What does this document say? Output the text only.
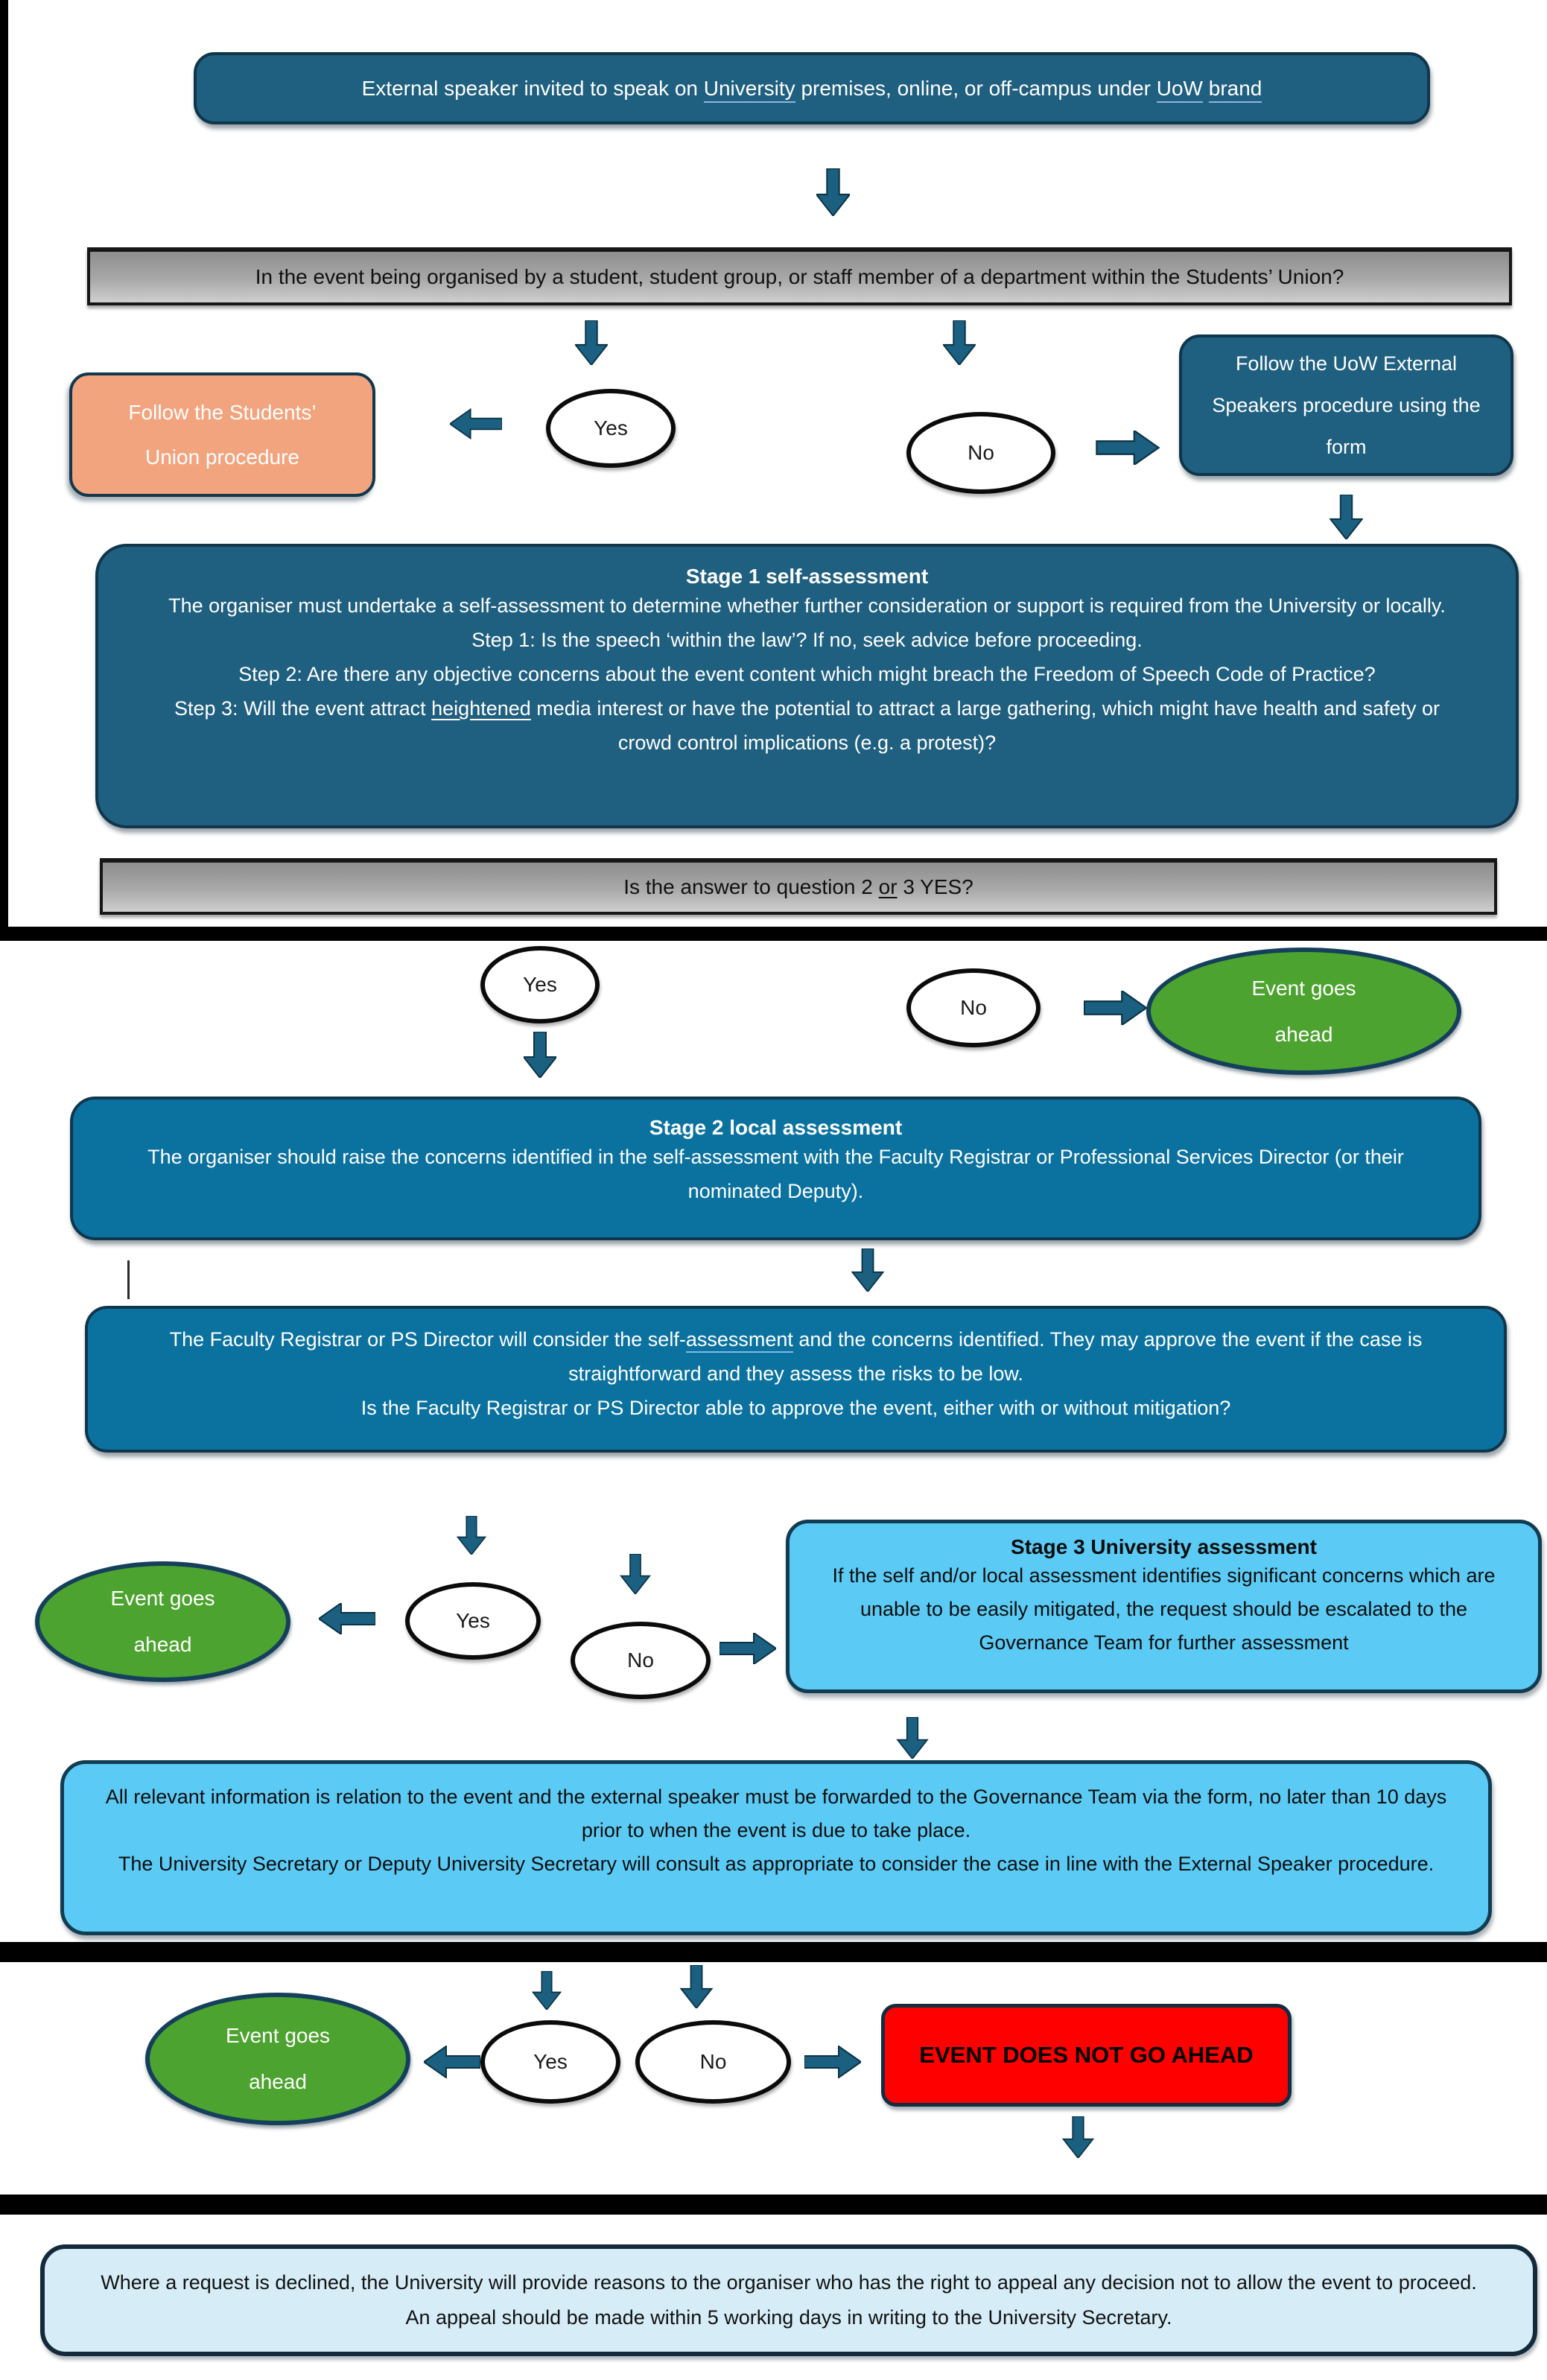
External speaker invited to speak on University premises, online, or off-campus under UoW brand
In the event being organised by a student, student group, or staff member of a department within the Students’ Union?
Yes
No
Follow the Students’
Union procedure
Follow the UoW External Speakers procedure using the form
Stage 1 self-assessment

The organiser must undertake a self-assessment to determine whether further consideration or support is required from the University or locally.

Step 1: Is the speech ‘within the law’? If no, seek advice before proceeding.

Step 2: Are there any objective concerns about the event content which might breach the Freedom of Speech Code of Practice?

Step 3: Will the event attract heightened media interest or have the potential to attract a large gathering, which might have health and safety or crowd control implications (e.g. a protest)?

Is the answer to question 2 or 3 YES?
Yes
No
Event goes
ahead
Stage 2 local assessment

The organiser should raise the concerns identified in the self-assessment with the Faculty Registrar or Professional Services Director (or their nominated Deputy).

The Faculty Registrar or PS Director will consider the self-assessment and the concerns identified. They may approve the event if the case is straightforward and they assess the risks to be low.

Is the Faculty Registrar or PS Director able to approve the event, either with or without mitigation?

Event goes
ahead
Yes
No
Stage 3 University assessment

If the self and/or local assessment identifies significant concerns which are unable to be easily mitigated, the request should be escalated to the Governance Team for further assessment

All relevant information is relation to the event and the external speaker must be forwarded to the Governance Team via the form, no later than 10 days prior to when the event is due to take place.

The University Secretary or Deputy University Secretary will consult as appropriate to consider the case in line with the External Speaker procedure.

Event goes
ahead
Yes	No	EVENT DOES NOT GO AHEAD
Where a request is declined, the University will provide reasons to the organiser who has the right to appeal any decision not to allow the event to proceed. An appeal should be made within 5 working days in writing to the University Secretary.
